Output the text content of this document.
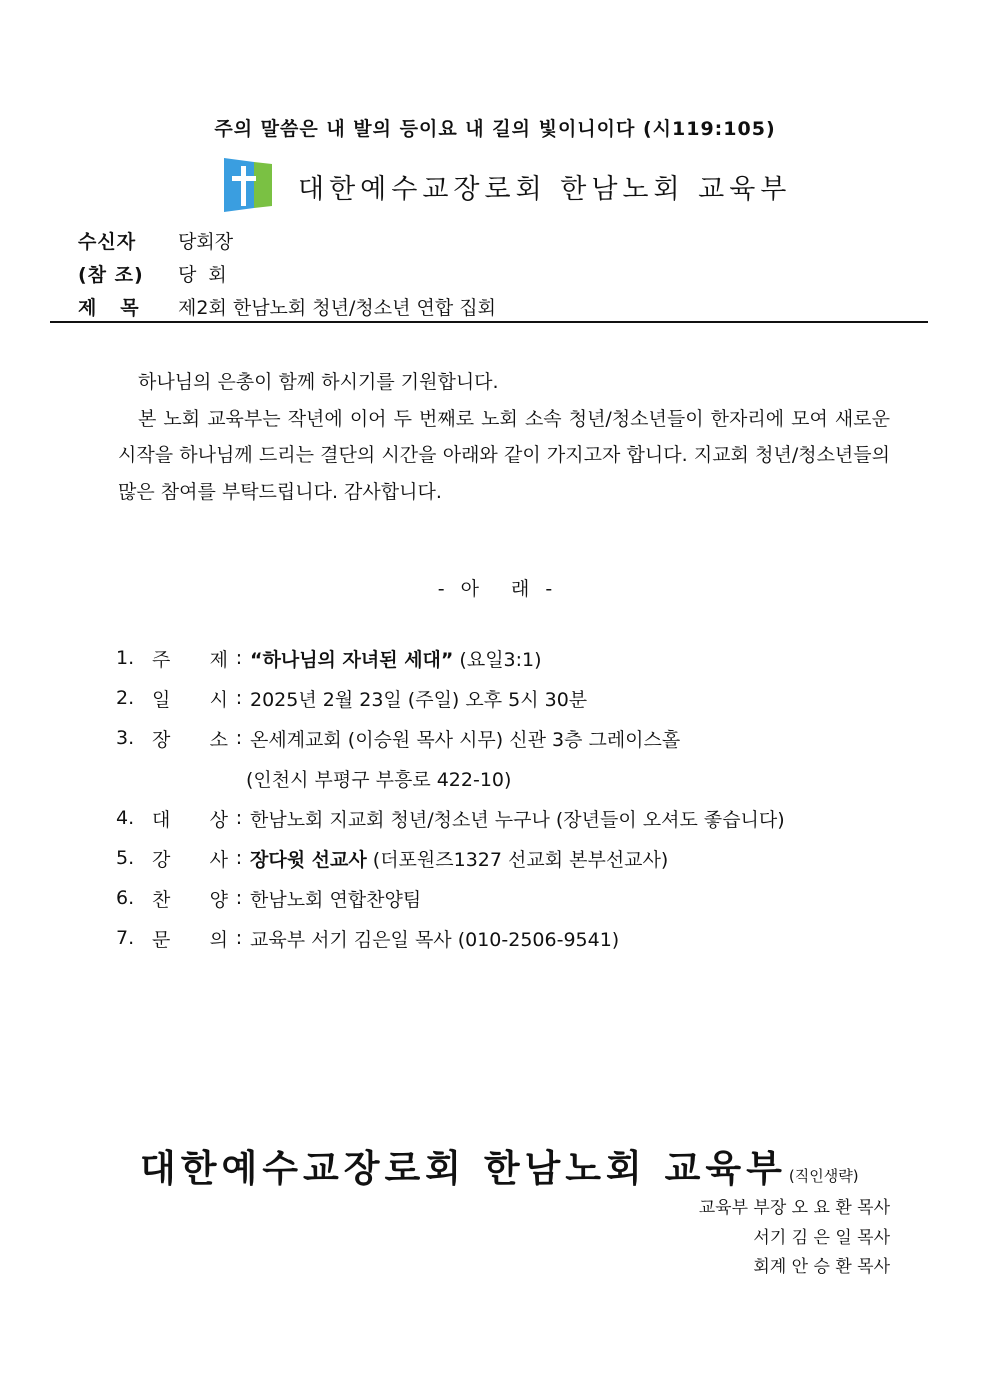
주의 말씀은 내 발의 등이요 내 길의 빛이니이다 (시119:105)
대한예수교장로회 한남노회 교육부
수신자	당회장
(참 조)	당  회
제   목	제2회 한남노회 청년/청소년 연합 집회

하나님의 은총이 함께 하시기를 기원합니다.

본 노회 교육부는 작년에 이어 두 번째로 노회 소속 청년/청소년들이 한자리에 모여 새로운 시작을 하나님께 드리는 결단의 시간을 아래와 같이 가지고자 합니다. 지교회 청년/청소년들의 많은 참여를 부탁드립니다. 감사합니다.

- 아  래 -
1. 주 제 : “하나님의 자녀된 세대” (요일3:1)
2. 일 시 : 2025년 2월 23일 (주일) 오후 5시 30분
3. 장 소 : 온세계교회 (이승원 목사 시무) 신관 3층 그레이스홀
(인천시 부평구 부흥로 422-10)
4. 대 상 : 한남노회 지교회 청년/청소년 누구나 (장년들이 오셔도 좋습니다)
5. 강 사 : 장다윗 선교사 (더포원즈1327 선교회 본부선교사)
6. 찬 양 : 한남노회 연합찬양팀
7. 문 의 : 교육부 서기 김은일 목사 (010-2506-9541)
대한예수교장로회 한남노회 교육부 (직인생략)
교육부 부장 오 요 환 목사
서기 김 은 일 목사
회계 안 승 환 목사
